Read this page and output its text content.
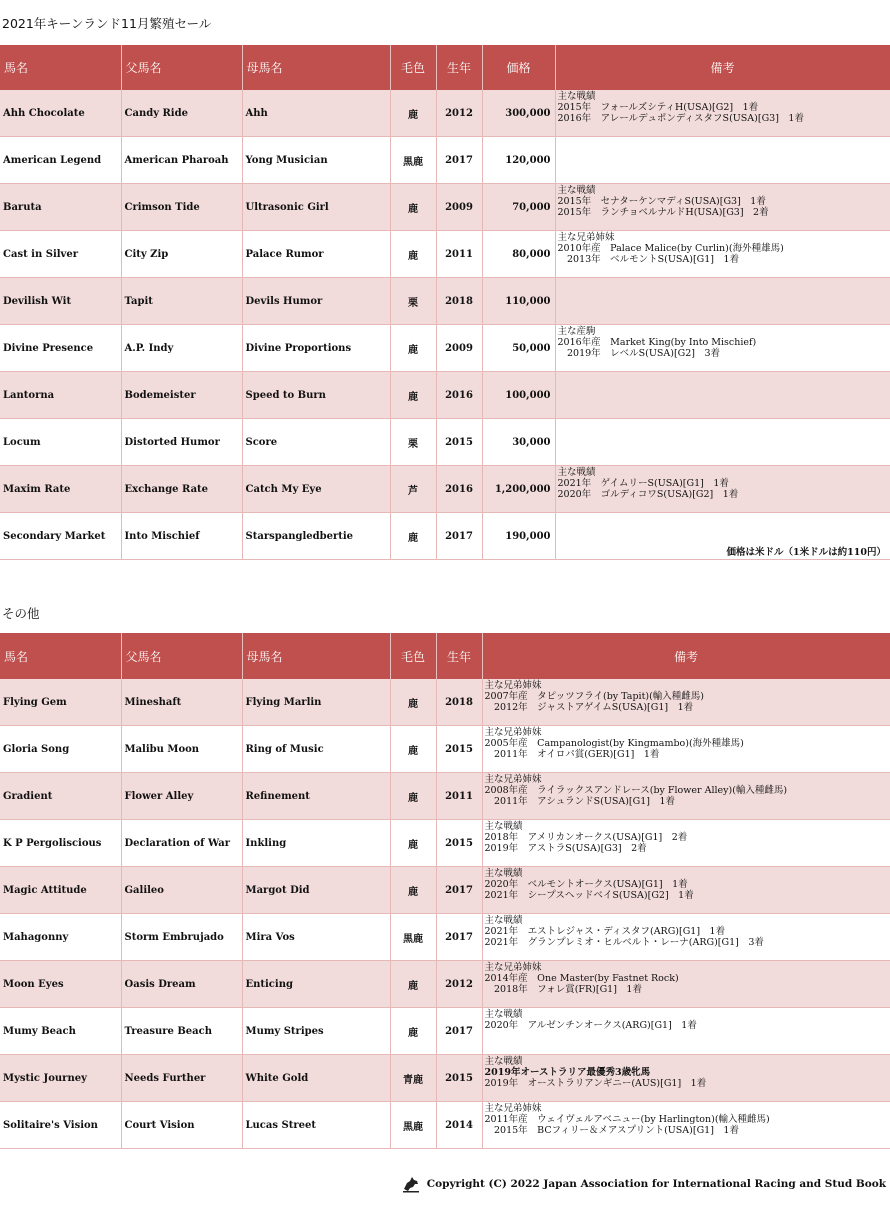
2021年キーンランド11月繁殖セール
馬名	父馬名	母馬名	毛色	生年	価格	備考
Ahh Chocolate	Candy Ride	Ahh	鹿	2012	300,000	主な戦績
2015年　フォールズシティH(USA)[G2]　1着
2016年　アレールデュポンディスタフS(USA)[G3]　1着
American Legend	American Pharoah	Yong Musician	黒鹿	2017	120,000	
Baruta	Crimson Tide	Ultrasonic Girl	鹿	2009	70,000	主な戦績
2015年　セナターケンマディS(USA)[G3]　1着
2015年　ランチョベルナルドH(USA)[G3]　2着
Cast in Silver	City Zip	Palace Rumor	鹿	2011	80,000	主な兄弟姉妹
2010年産　Palace Malice(by Curlin)(海外種雄馬)
　2013年　ベルモントS(USA)[G1]　1着
Devilish Wit	Tapit	Devils Humor	栗	2018	110,000	
Divine Presence	A.P. Indy	Divine Proportions	鹿	2009	50,000	主な産駒
2016年産　Market King(by Into Mischief)
　2019年　レベルS(USA)[G2]　3着
Lantorna	Bodemeister	Speed to Burn	鹿	2016	100,000	
Locum	Distorted Humor	Score	栗	2015	30,000	
Maxim Rate	Exchange Rate	Catch My Eye	芦	2016	1,200,000	主な戦績
2021年　ゲイムリーS(USA)[G1]　1着
2020年　ゴルディコワS(USA)[G2]　1着
Secondary Market	Into Mischief	Starspangledbertie	鹿	2017	190,000	
価格は米ドル（1米ドルは約110円）
その他
馬名	父馬名	母馬名	毛色	生年	備考
Flying Gem	Mineshaft	Flying Marlin	鹿	2018	主な兄弟姉妹
2007年産　タピッツフライ(by Tapit)(輸入種雌馬)
　2012年　ジャストアゲイムS(USA)[G1]　1着
Gloria Song	Malibu Moon	Ring of Music	鹿	2015	主な兄弟姉妹
2005年産　Campanologist(by Kingmambo)(海外種雄馬)
　2011年　オイロパ賞(GER)[G1]　1着
Gradient	Flower Alley	Refinement	鹿	2011	主な兄弟姉妹
2008年産　ライラックスアンドレース(by Flower Alley)(輸入種雌馬)
　2011年　アシュランドS(USA)[G1]　1着
K P Pergoliscious	Declaration of War	Inkling	鹿	2015	主な戦績
2018年　アメリカンオークス(USA)[G1]　2着
2019年　アストラS(USA)[G3]　2着
Magic Attitude	Galileo	Margot Did	鹿	2017	主な戦績
2020年　ベルモントオークス(USA)[G1]　1着
2021年　シープスヘッドベイS(USA)[G2]　1着
Mahagonny	Storm Embrujado	Mira Vos	黒鹿	2017	主な戦績
2021年　エストレジャス・ディスタフ(ARG)[G1]　1着
2021年　グランプレミオ・ヒルベルト・レーナ(ARG)[G1]　3着
Moon Eyes	Oasis Dream	Enticing	鹿	2012	主な兄弟姉妹
2014年産　One Master(by Fastnet Rock)
　2018年　フォレ賞(FR)[G1]　1着
Mumy Beach	Treasure Beach	Mumy Stripes	鹿	2017	主な戦績
2020年　アルゼンチンオークス(ARG)[G1]　1着
Mystic Journey	Needs Further	White Gold	青鹿	2015	主な戦績
2019年オーストラリア最優秀3歳牝馬
2019年　オーストラリアンギニー(AUS)[G1]　1着
Solitaire's Vision	Court Vision	Lucas Street	黒鹿	2014	主な兄弟姉妹
2011年産　ウェイヴェルアベニュー(by Harlington)(輸入種雌馬)
　2015年　BCフィリー＆メアスプリント(USA)[G1]　1着
Copyright (C) 2022 Japan Association for International Racing and Stud Book
